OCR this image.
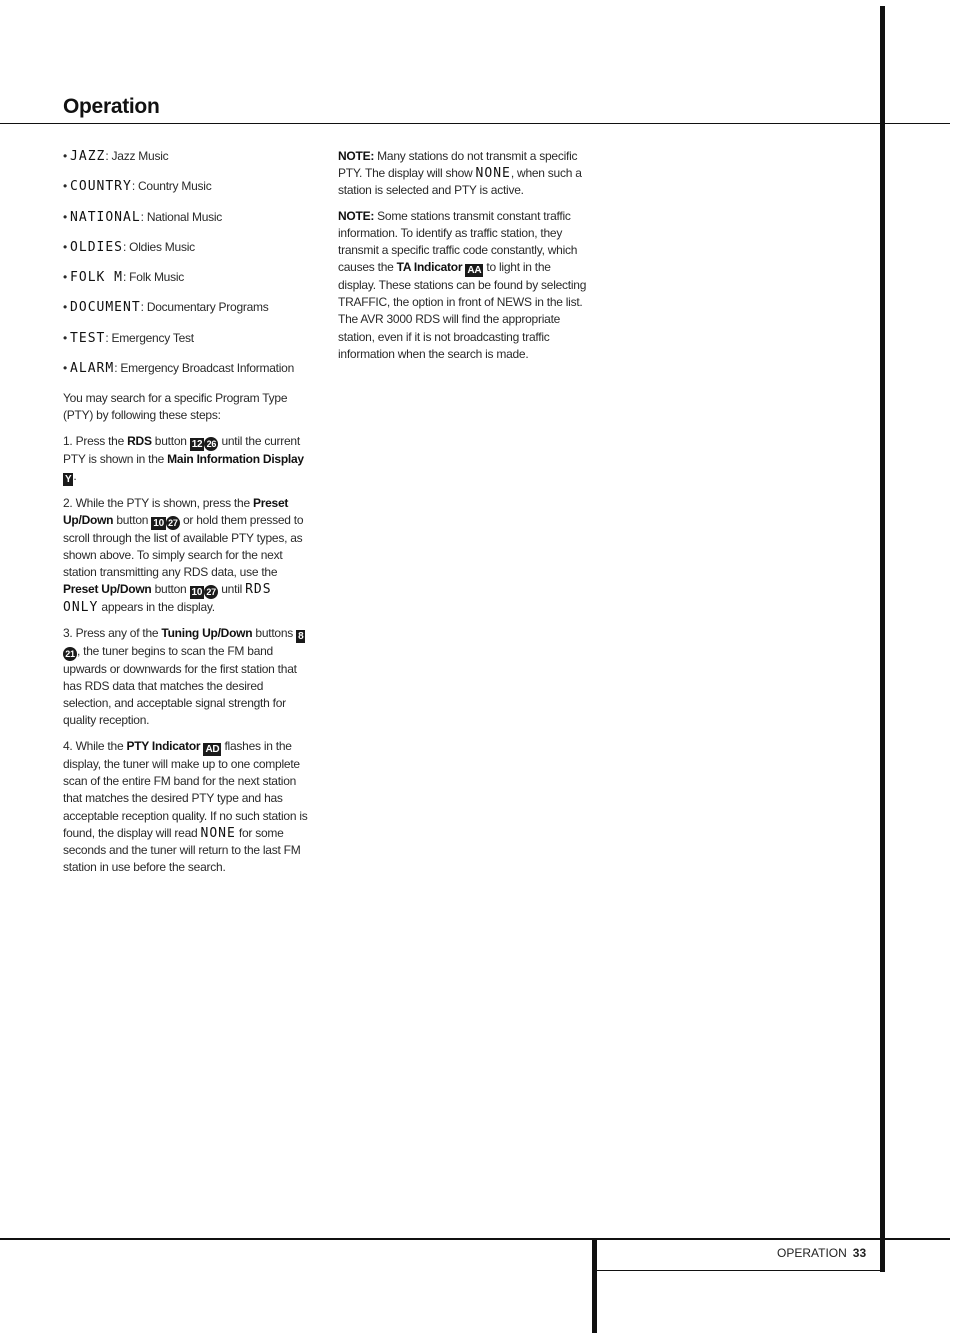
Operation
• JAZZ: Jazz Music
• COUNTRY: Country Music
• NATIONAL: National Music
• OLDIES: Oldies Music
• FOLK M: Folk Music
• DOCUMENT: Documentary Programs
• TEST: Emergency Test
• ALARM: Emergency Broadcast Information

You may search for a specific Program Type (PTY) by following these steps:

1. Press the RDS button 12 26 until the current PTY is shown in the Main Information Display Y .

2. While the PTY is shown, press the Preset Up/Down button 10 27 or hold them pressed to scroll through the list of available PTY types, as shown above. To simply search for the next station transmitting any RDS data, use the Preset Up/Down button 10 27 until RDS ONLY appears in the display.

3. Press any of the Tuning Up/Down buttons 821 , the tuner begins to scan the FM band upwards or downwards for the first station that has RDS data that matches the desired selection, and acceptable signal strength for quality reception.

4. While the PTY Indicator AD flashes in the display, the tuner will make up to one complete scan of the entire FM band for the next station that matches the desired PTY type and has acceptable reception quality. If no such station is found, the display will read NONE for some seconds and the tuner will return to the last FM station in use before the search.

NOTE: Many stations do not transmit a specific PTY. The display will show NONE, when such a station is selected and PTY is active.

NOTE: Some stations transmit constant traffic information. To identify as traffic station, they transmit a specific traffic code constantly, which causes the TA Indicator AA to light in the display. These stations can be found by selecting TRAFFIC, the option in front of NEWS in the list. The AVR 3000 RDS will find the appropriate station, even if it is not broadcasting traffic information when the search is made.

OPERATION 33
